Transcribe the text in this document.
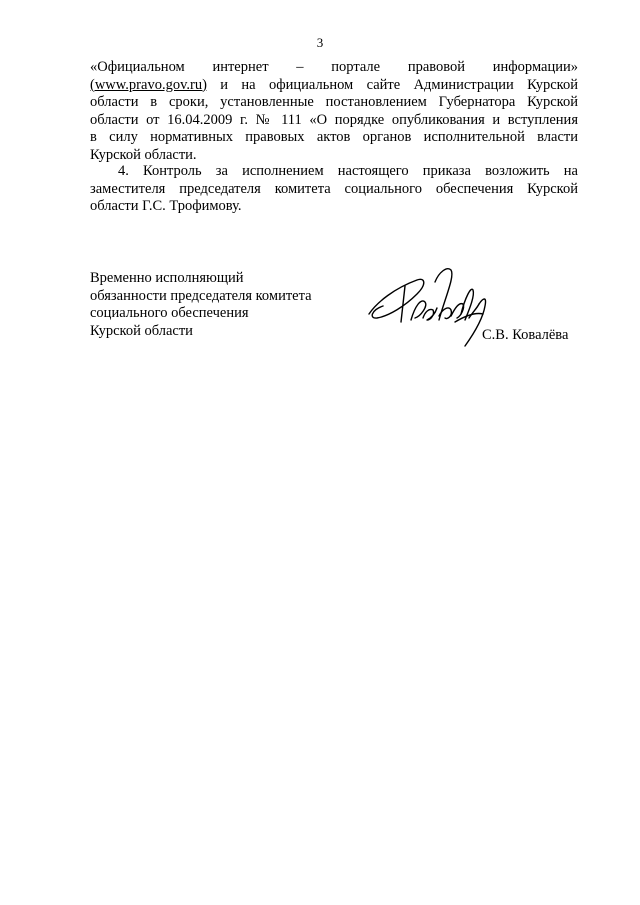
3
«Официальном интернет – портале правовой информации»
(www.pravo.gov.ru) и на официальном сайте Администрации Курской
области в сроки, установленные постановлением Губернатора Курской
области от 16.04.2009 г. № 111 «О порядке опубликования и вступления
в силу нормативных правовых актов органов исполнительной власти
Курской области.
4. Контроль за исполнением настоящего приказа возложить на
заместителя председателя комитета социального обеспечения Курской
области Г.С. Трофимову.
Временно исполняющий
обязанности председателя комитета
социального обеспечения
Курской области	С.В. Ковалёва
